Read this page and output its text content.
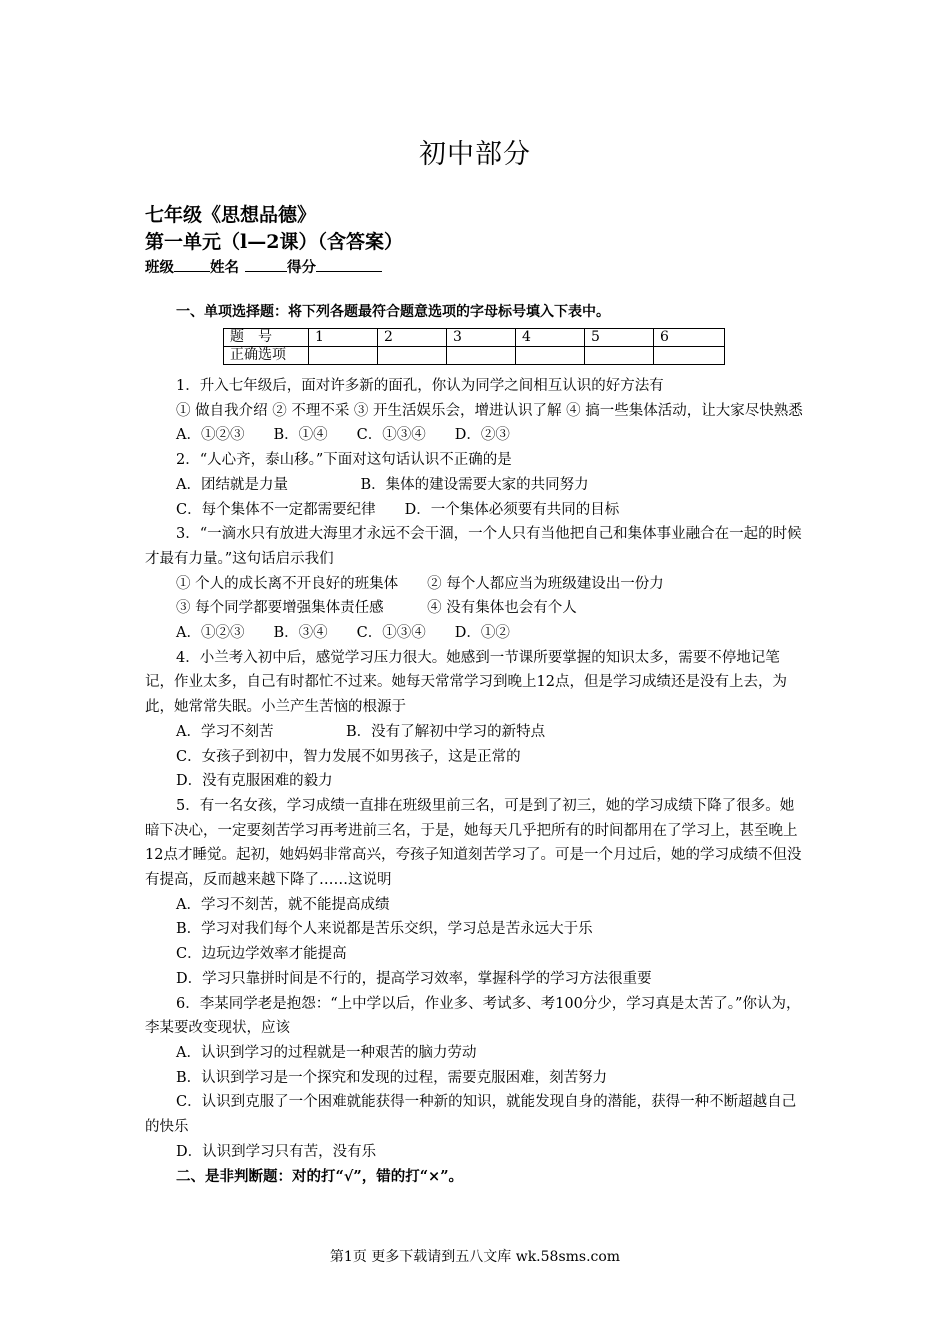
初中部分
七年级《思想品德》
第一单元（l—2课）（含答案）
班级 姓名	得分
一、单项选择题：将下列各题最符合题意选项的字母标号填入下表中。
题　号	1	2	3	4	5	6
正确选项						

1．升入七年级后，面对许多新的面孔，你认为同学之间相互认识的好方法有

① 做自我介绍 ② 不理不采 ③ 开生活娱乐会，增进认识了解 ④ 搞一些集体活动，让大家尽快熟悉

A．①②③　　B．①④　　C．①③④　　D．②③

2．“人心齐，泰山移。”下面对这句话认识不正确的是

A．团结就是力量　　　　　B．集体的建设需要大家的共同努力

C．每个集体不一定都需要纪律　　D．一个集体必须要有共同的目标

3．“一滴水只有放进大海里才永远不会干涸，一个人只有当他把自己和集体事业融合在一起的时候才最有力量。”这句话启示我们

① 个人的成长离不开良好的班集体　　② 每个人都应当为班级建设出一份力

③ 每个同学都要增强集体责任感　　　④ 没有集体也会有个人

A．①②③　　B．③④　　C．①③④　　D．①②

4．小兰考入初中后，感觉学习压力很大。她感到一节课所要掌握的知识太多，需要不停地记笔记，作业太多，自己有时都忙不过来。她每天常常学习到晚上12点，但是学习成绩还是没有上去，为此，她常常失眠。小兰产生苦恼的根源于

A．学习不刻苦　　　　　B．没有了解初中学习的新特点

C．女孩子到初中，智力发展不如男孩子，这是正常的

D．没有克服困难的毅力

5．有一名女孩，学习成绩一直排在班级里前三名，可是到了初三，她的学习成绩下降了很多。她暗下决心，一定要刻苦学习再考进前三名，于是，她每天几乎把所有的时间都用在了学习上，甚至晚上12点才睡觉。起初，她妈妈非常高兴，夸孩子知道刻苦学习了。可是一个月过后，她的学习成绩不但没有提高，反而越来越下降了……这说明

A．学习不刻苦，就不能提高成绩

B．学习对我们每个人来说都是苦乐交织，学习总是苦永远大于乐

C．边玩边学效率才能提高

D．学习只靠拼时间是不行的，提高学习效率，掌握科学的学习方法很重要

6．李某同学老是抱怨：“上中学以后，作业多、考试多、考100分少，学习真是太苦了。”你认为，李某要改变现状，应该

A．认识到学习的过程就是一种艰苦的脑力劳动

B．认识到学习是一个探究和发现的过程，需要克服困难，刻苦努力

C．认识到克服了一个困难就能获得一种新的知识，就能发现自身的潜能，获得一种不断超越自己的快乐

D．认识到学习只有苦，没有乐

二、是非判断题：对的打“√”，错的打“×”。

第1页 更多下载请到五八文库 wk.58sms.com
